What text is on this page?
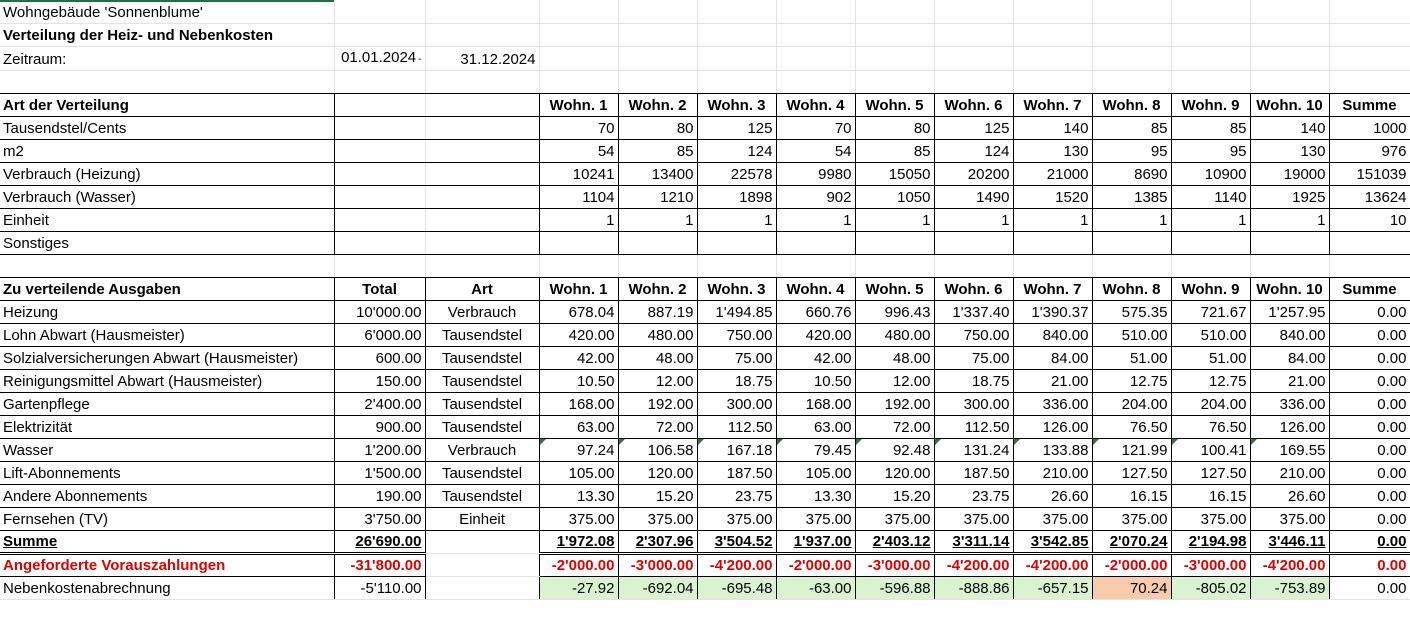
Wohngebäude 'Sonnenblume'													
Verteilung der Heiz- und Nebenkosten													
Zeitraum:	01.01.2024 -	31.12.2024											

Art der Verteilung			Wohn. 1	Wohn. 2	Wohn. 3	Wohn. 4	Wohn. 5	Wohn. 6	Wohn. 7	Wohn. 8	Wohn. 9	Wohn. 10	Summe
Tausendstel/Cents			70	80	125	70	80	125	140	85	85	140	1000
m2			54	85	124	54	85	124	130	95	95	130	976
Verbrauch (Heizung)			10241	13400	22578	9980	15050	20200	21000	8690	10900	19000	151039
Verbrauch (Wasser)			1104	1210	1898	902	1050	1490	1520	1385	1140	1925	13624
Einheit			1	1	1	1	1	1	1	1	1	1	10
Sonstiges													

Zu verteilende Ausgaben	Total	Art	Wohn. 1	Wohn. 2	Wohn. 3	Wohn. 4	Wohn. 5	Wohn. 6	Wohn. 7	Wohn. 8	Wohn. 9	Wohn. 10	Summe
Heizung	10'000.00	Verbrauch	678.04	887.19	1'494.85	660.76	996.43	1'337.40	1'390.37	575.35	721.67	1'257.95	0.00
Lohn Abwart (Hausmeister)	6'000.00	Tausendstel	420.00	480.00	750.00	420.00	480.00	750.00	840.00	510.00	510.00	840.00	0.00
Solzialversicherungen Abwart (Hausmeister)	600.00	Tausendstel	42.00	48.00	75.00	42.00	48.00	75.00	84.00	51.00	51.00	84.00	0.00
Reinigungsmittel Abwart (Hausmeister)	150.00	Tausendstel	10.50	12.00	18.75	10.50	12.00	18.75	21.00	12.75	12.75	21.00	0.00
Gartenpflege	2'400.00	Tausendstel	168.00	192.00	300.00	168.00	192.00	300.00	336.00	204.00	204.00	336.00	0.00
Elektrizität	900.00	Tausendstel	63.00	72.00	112.50	63.00	72.00	112.50	126.00	76.50	76.50	126.00	0.00
Wasser	1'200.00	Verbrauch	97.24	106.58	167.18	79.45	92.48	131.24	133.88	121.99	100.41	169.55	0.00
Lift-Abonnements	1'500.00	Tausendstel	105.00	120.00	187.50	105.00	120.00	187.50	210.00	127.50	127.50	210.00	0.00
Andere Abonnements	190.00	Tausendstel	13.30	15.20	23.75	13.30	15.20	23.75	26.60	16.15	16.15	26.60	0.00
Fernsehen (TV)	3'750.00	Einheit	375.00	375.00	375.00	375.00	375.00	375.00	375.00	375.00	375.00	375.00	0.00
Summe	26'690.00		1'972.08	2'307.96	3'504.52	1'937.00	2'403.12	3'311.14	3'542.85	2'070.24	2'194.98	3'446.11	0.00
Angeforderte Vorauszahlungen	-31'800.00		-2'000.00	-3'000.00	-4'200.00	-2'000.00	-3'000.00	-4'200.00	-4'200.00	-2'000.00	-3'000.00	-4'200.00	0.00
Nebenkostenabrechnung	-5'110.00		-27.92	-692.04	-695.48	-63.00	-596.88	-888.86	-657.15	70.24	-805.02	-753.89	0.00
